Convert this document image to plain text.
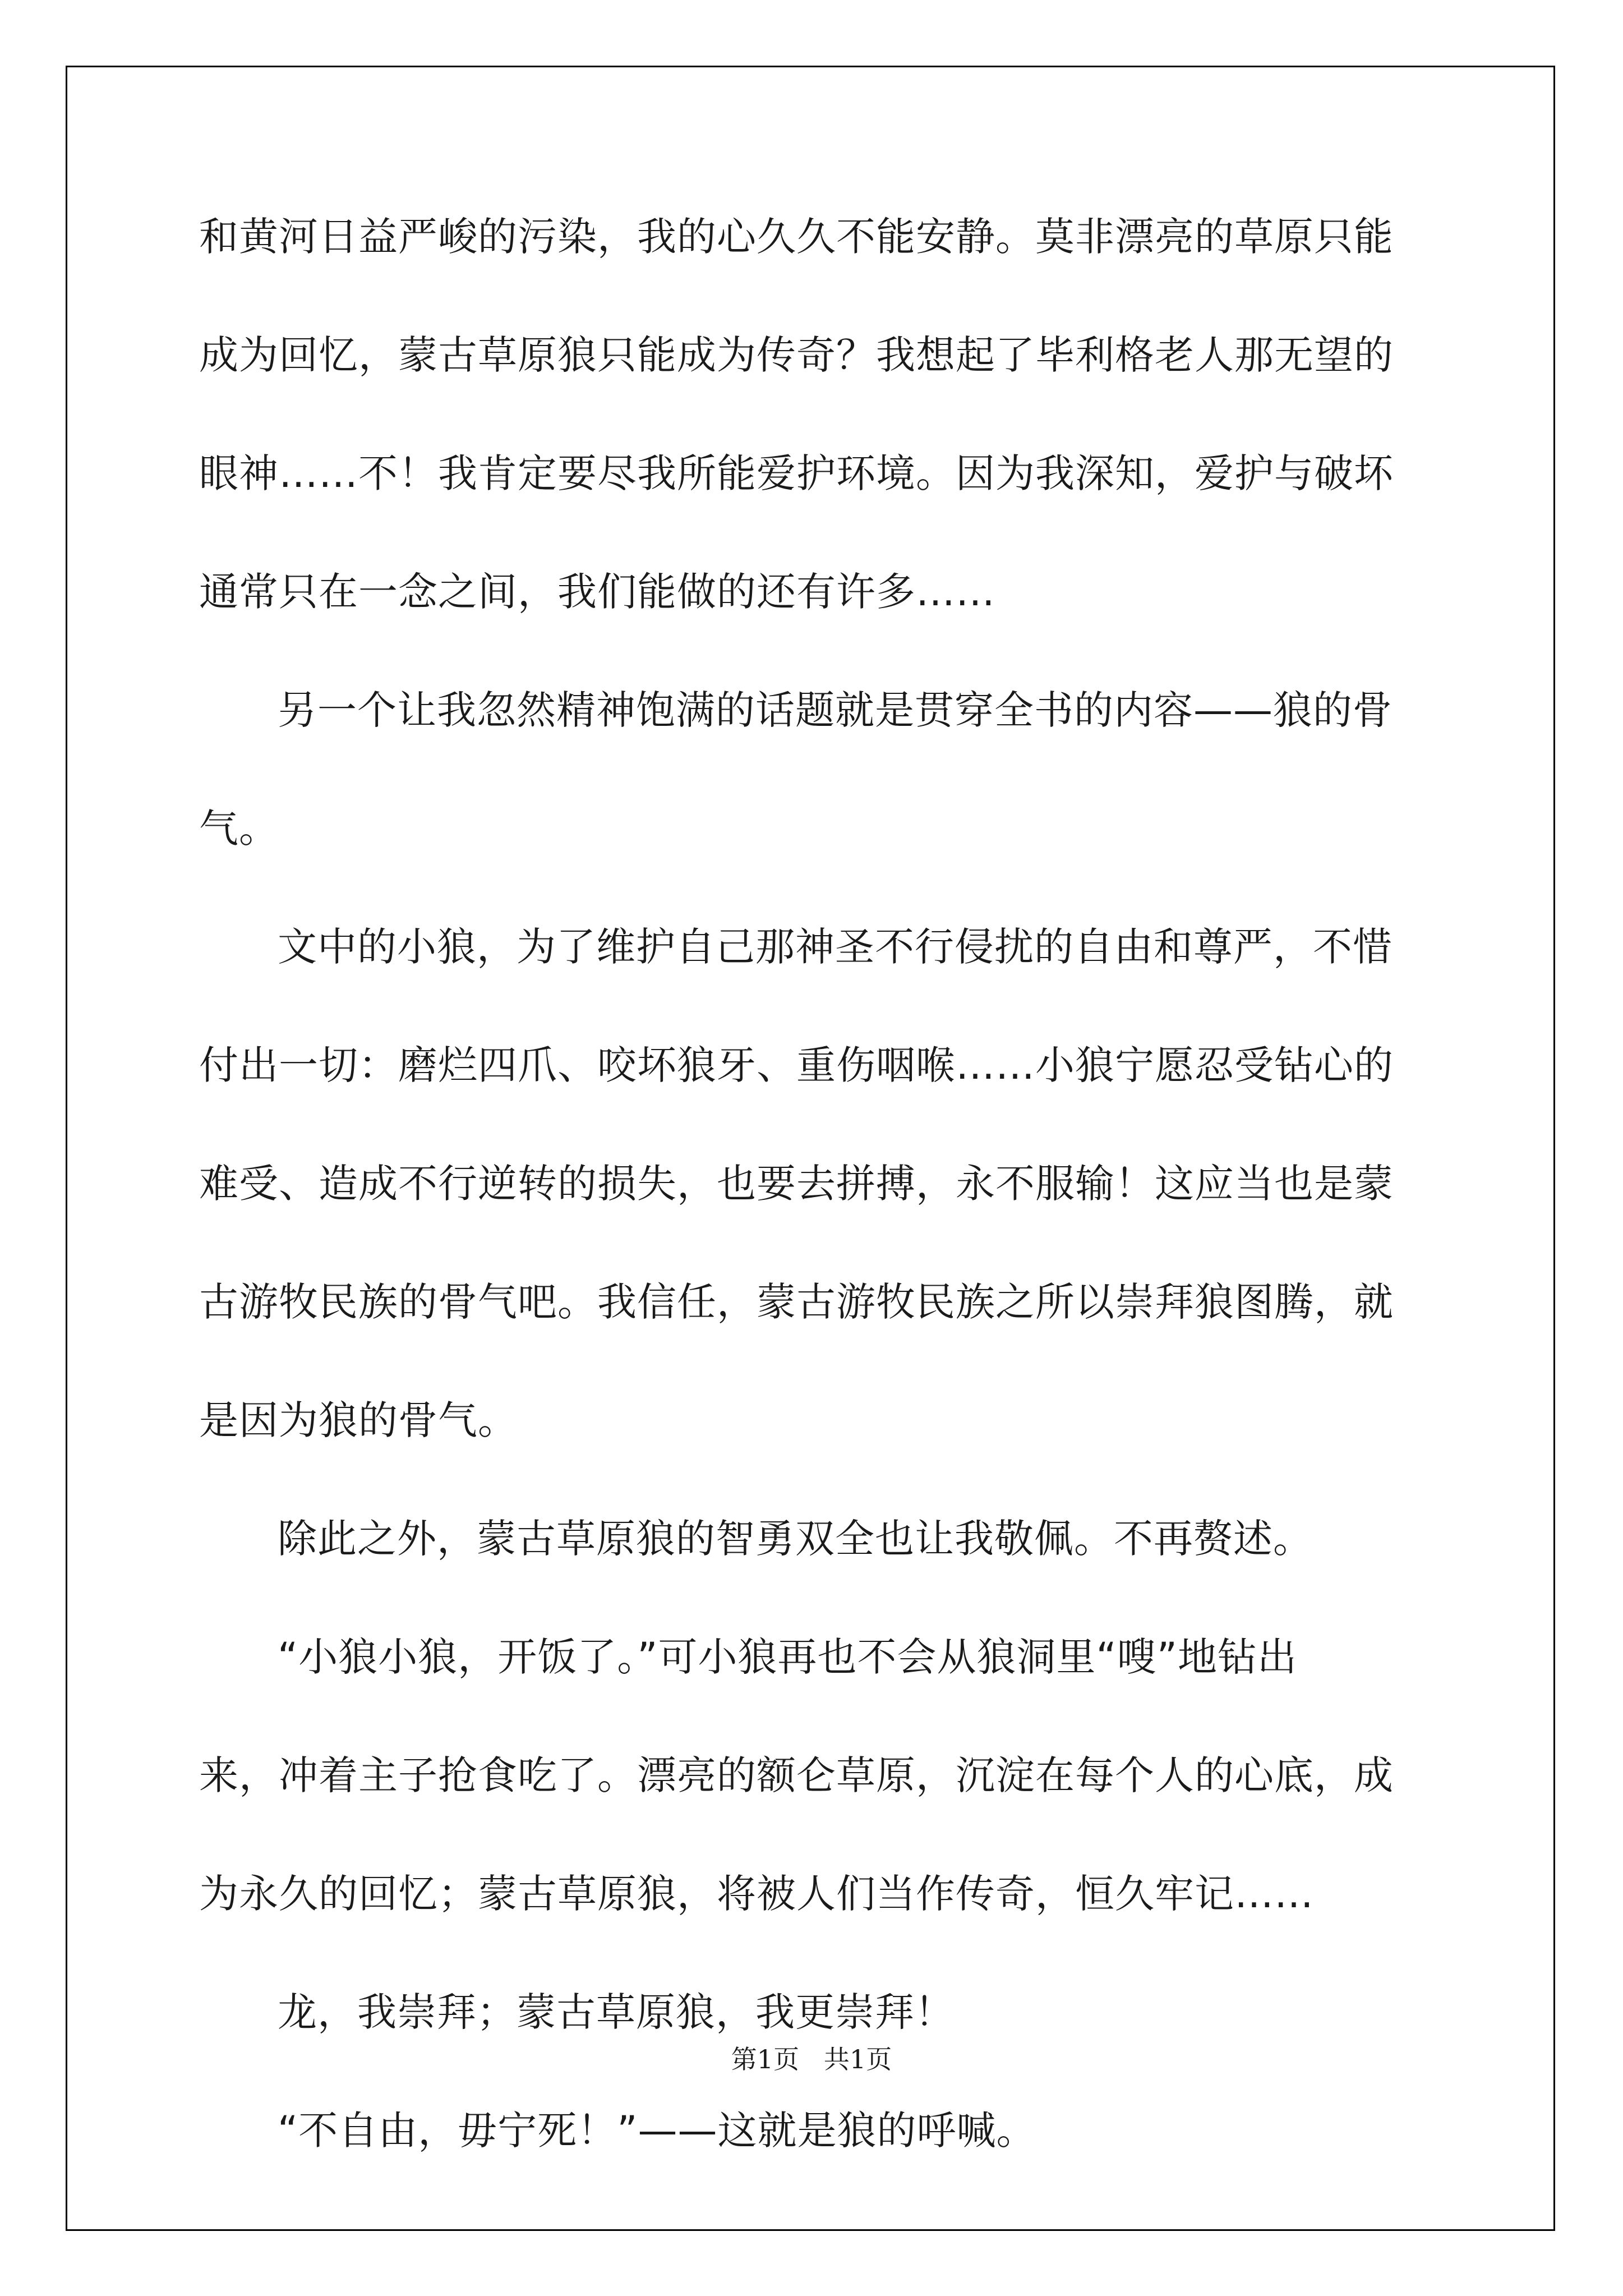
和黄河日益严峻的污染，我的心久久不能安静。莫非漂亮的草原只能
成为回忆，蒙古草原狼只能成为传奇？我想起了毕利格老人那无望的
眼神……不！我肯定要尽我所能爱护环境。因为我深知，爱护与破坏
通常只在一念之间，我们能做的还有许多……
另一个让我忽然精神饱满的话题就是贯穿全书的内容——狼的骨
气。
文中的小狼，为了维护自己那神圣不行侵扰的自由和尊严，不惜
付出一切：磨烂四爪、咬坏狼牙、重伤咽喉……小狼宁愿忍受钻心的
难受、造成不行逆转的损失，也要去拼搏，永不服输！这应当也是蒙
古游牧民族的骨气吧。我信任，蒙古游牧民族之所以崇拜狼图腾，就
是因为狼的骨气。
除此之外，蒙古草原狼的智勇双全也让我敬佩。不再赘述。
“小狼小狼，开饭了。”可小狼再也不会从狼洞里“嗖”地钻出
来，冲着主子抢食吃了。漂亮的额仑草原，沉淀在每个人的心底，成
为永久的回忆；蒙古草原狼，将被人们当作传奇，恒久牢记……
龙，我崇拜；蒙古草原狼，我更崇拜！
“不自由，毋宁死！”——这就是狼的呼喊。
第1页   共1页
